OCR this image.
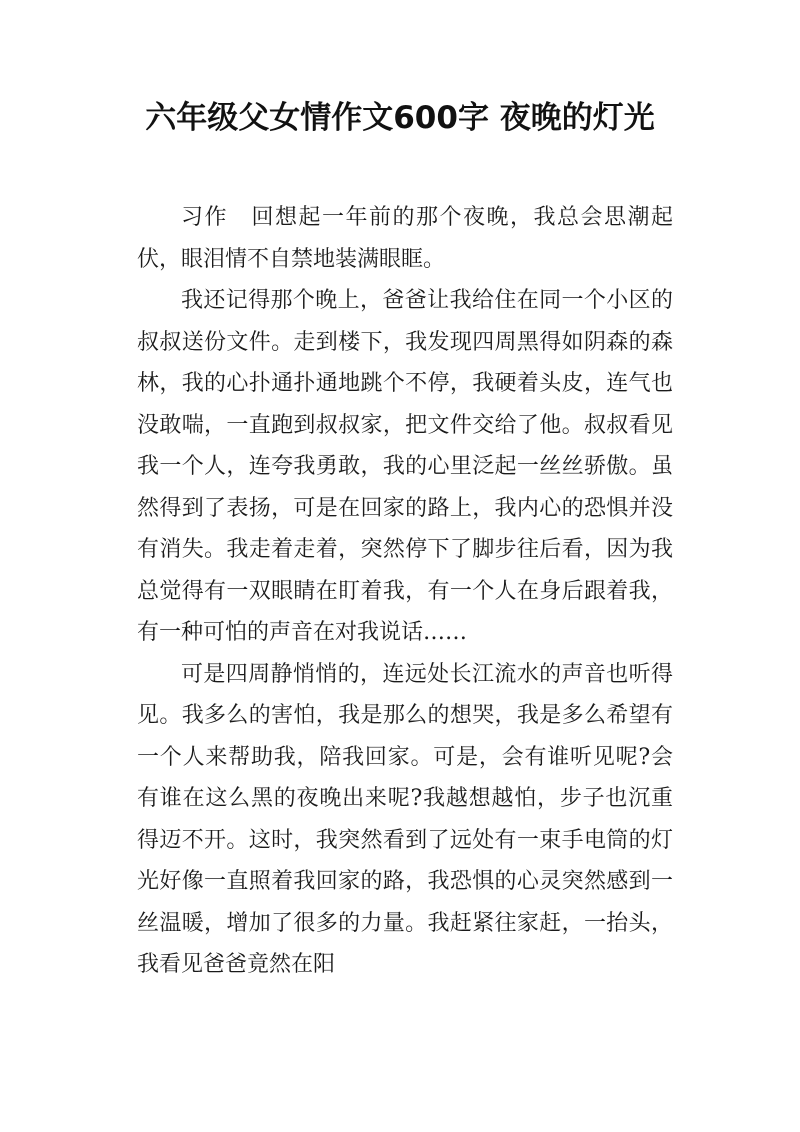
六年级父女情作文600字 夜晚的灯光

习作　回想起一年前的那个夜晚，我总会思潮起伏，眼泪情不自禁地装满眼眶。

我还记得那个晚上，爸爸让我给住在同一个小区的叔叔送份文件。走到楼下，我发现四周黑得如阴森的森林，我的心扑通扑通地跳个不停，我硬着头皮，连气也没敢喘，一直跑到叔叔家，把文件交给了他。叔叔看见我一个人，连夸我勇敢，我的心里泛起一丝丝骄傲。虽然得到了表扬，可是在回家的路上，我内心的恐惧并没有消失。我走着走着，突然停下了脚步往后看，因为我总觉得有一双眼睛在盯着我，有一个人在身后跟着我，有一种可怕的声音在对我说话……

可是四周静悄悄的，连远处长江流水的声音也听得见。我多么的害怕，我是那么的想哭，我是多么希望有一个人来帮助我，陪我回家。可是，会有谁听见呢?会有谁在这么黑的夜晚出来呢?我越想越怕，步子也沉重得迈不开。这时，我突然看到了远处有一束手电筒的灯光好像一直照着我回家的路，我恐惧的心灵突然感到一丝温暖，增加了很多的力量。我赶紧往家赶，一抬头，我看见爸爸竟然在阳
